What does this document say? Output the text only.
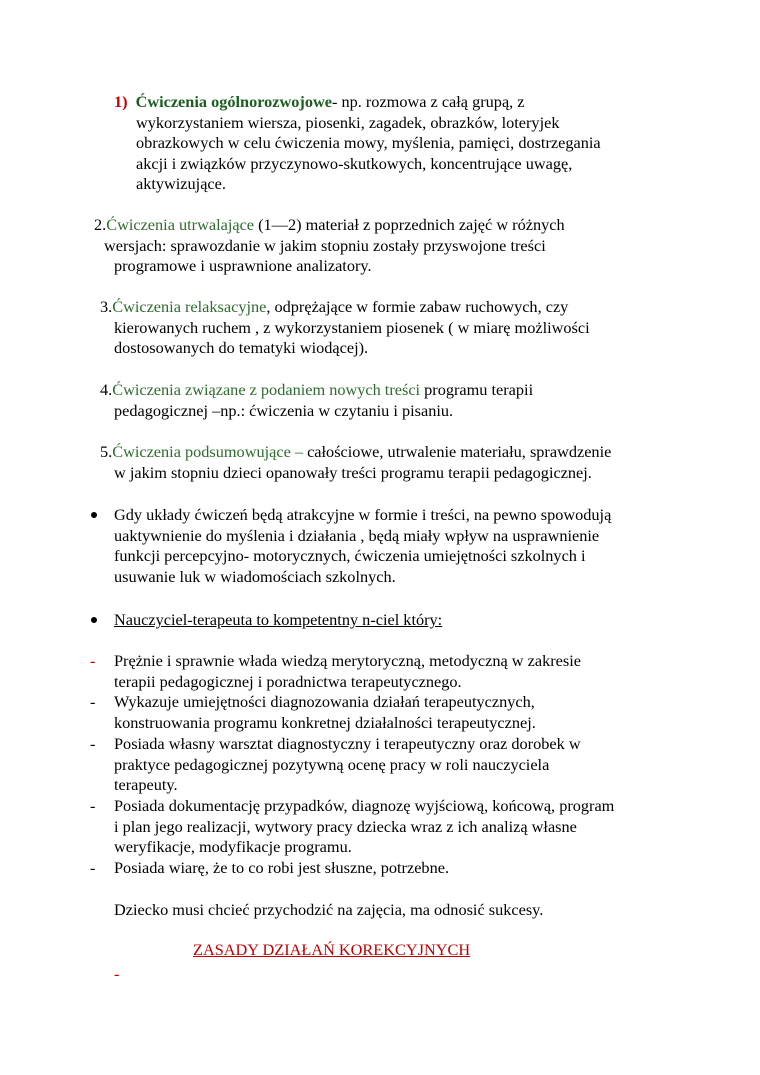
1) Ćwiczenia ogólnorozwojowe- np. rozmowa z całą grupą, z
wykorzystaniem wiersza, piosenki, zagadek, obrazków, loteryjek
obrazkowych w celu ćwiczenia mowy, myślenia, pamięci, dostrzegania
akcji i związków przyczynowo-skutkowych, koncentrujące uwagę,
aktywizujące.
2.Ćwiczenia utrwalające (1—2) materiał z poprzednich zajęć w różnych
wersjach: sprawozdanie w jakim stopniu zostały przyswojone treści
programowe i usprawnione analizatory.
3.Ćwiczenia relaksacyjne, odprężające w formie zabaw ruchowych, czy
kierowanych ruchem , z wykorzystaniem piosenek ( w miarę możliwości
dostosowanych do tematyki wiodącej).
4.Ćwiczenia związane z podaniem nowych treści programu terapii
pedagogicznej –np.: ćwiczenia w czytaniu i pisaniu.
5.Ćwiczenia podsumowujące – całościowe, utrwalenie materiału, sprawdzenie
w jakim stopniu dzieci opanowały treści programu terapii pedagogicznej.
Gdy układy ćwiczeń będą atrakcyjne w formie i treści, na pewno spowodują
uaktywnienie do myślenia i działania , będą miały wpływ na usprawnienie
funkcji percepcyjno- motorycznych, ćwiczenia umiejętności szkolnych i
usuwanie luk w wiadomościach szkolnych.
Nauczyciel-terapeuta to kompetentny n-ciel który:
- Prężnie i sprawnie włada wiedzą merytoryczną, metodyczną w zakresie
terapii pedagogicznej i poradnictwa terapeutycznego.
- Wykazuje umiejętności diagnozowania działań terapeutycznych,
konstruowania programu konkretnej działalności terapeutycznej.
- Posiada własny warsztat diagnostyczny i terapeutyczny oraz dorobek w
praktyce pedagogicznej pozytywną ocenę pracy w roli nauczyciela
terapeuty.
- Posiada dokumentację przypadków, diagnozę wyjściową, końcową, program
i plan jego realizacji, wytwory pracy dziecka wraz z ich analizą własne
weryfikacje, modyfikacje programu.
- Posiada wiarę, że to co robi jest słuszne, potrzebne.
Dziecko musi chcieć przychodzić na zajęcia, ma odnosić sukcesy.
ZASADY DZIAŁAŃ KOREKCYJNYCH
-
